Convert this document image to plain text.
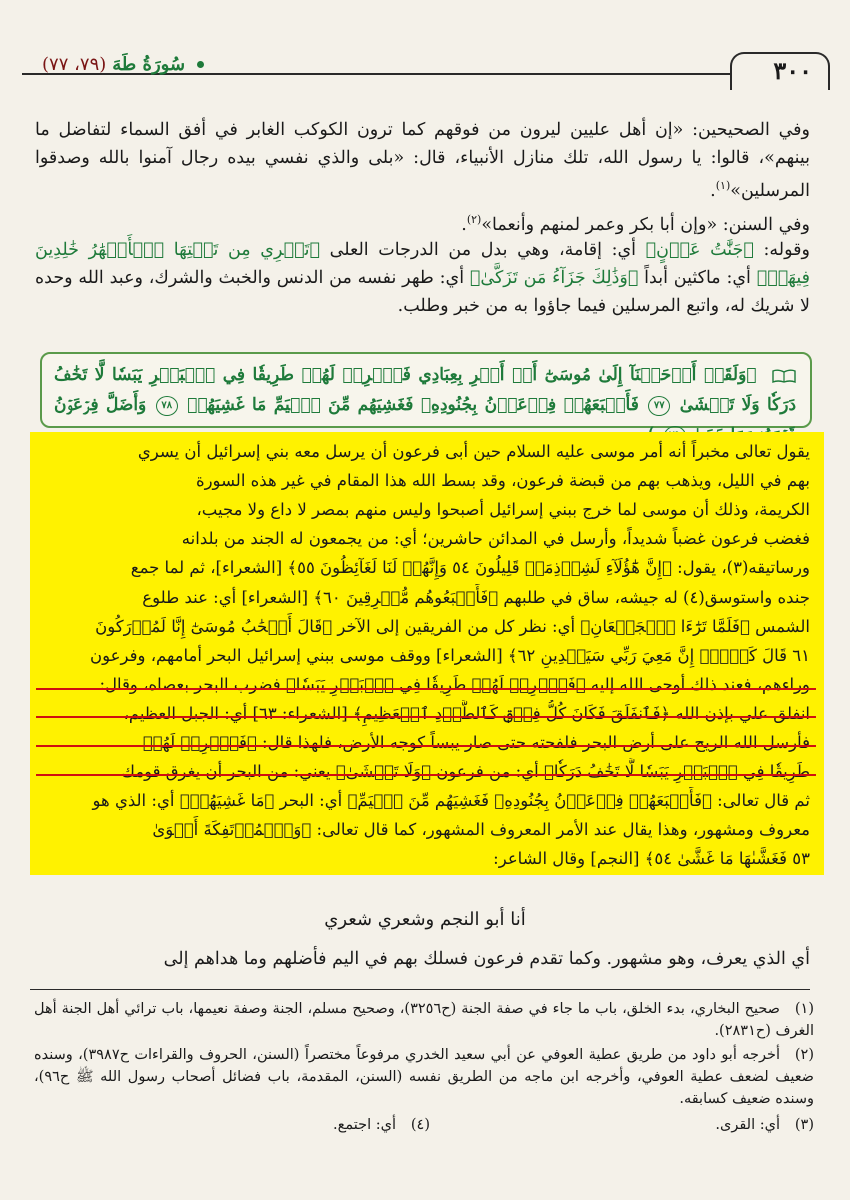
٣٠٠
سُورَةُ طَهَ
(٧٩، ٧٧)
وفي الصحيحين: «إن أهل عليين ليرون من فوقهم كما ترون الكوكب الغابر في أفق السماء لتفاضل ما بينهم»، قالوا: يا رسول الله، تلك منازل الأنبياء، قال: «بلى والذي نفسي بيده رجال آمنوا بالله وصدقوا المرسلين»$^{(١)}$.
وفي السنن: «وإن أبا بكر وعمر لمنهم وأنعما»$^{(٢)}$.
وقوله: ﴿جَنَّٰتُ عَدۡنٍ﴾ أي: إقامة، وهي بدل من الدرجات العلى ﴿تَجۡرِي مِن تَحۡتِهَا ٱلۡأَنۡهَٰرُ خَٰلِدِينَ فِيهَاۚ﴾ أي: ماكثين أبداً ﴿وَذَٰلِكَ جَزَآءُ مَن تَزَكَّىٰ﴾ أي: طهر نفسه من الدنس والخبث والشرك، وعبد الله وحده لا شريك له، واتبع المرسلين فيما جاؤوا به من خبر وطلب.
﴿وَلَقَدۡ أَوۡحَيۡنَآ إِلَىٰ مُوسَىٰٓ أَنۡ أَسۡرِ بِعِبَادِي فَٱضۡرِبۡ لَهُمۡ طَرِيقٗا فِي ٱلۡبَحۡرِ يَبَسٗا لَّا تَخَٰفُ دَرَكٗا وَلَا تَخۡشَىٰ ٧٧ فَأَتۡبَعَهُمۡ فِرۡعَوۡنُ بِجُنُودِهِۦ فَغَشِيَهُم مِّنَ ٱلۡيَمِّ مَا غَشِيَهُمۡ ٧٨ وَأَضَلَّ فِرۡعَوۡنُ
يقول تعالى مخبراً أنه أمر موسى عليه السلام حين أبى فرعون أن يرسل معه بني إسرائيل أن يسري
بهم في الليل، ويذهب بهم من قبضة فرعون، وقد بسط الله هذا المقام في غير هذه السورة
الكريمة، وذلك أن موسى لما خرج ببني إسرائيل أصبحوا وليس منهم بمصر لا داع ولا مجيب،
فغضب فرعون غضباً شديداً، وأرسل في المدائن حاشرين؛ أي: من يجمعون له الجند من بلدانه
ورساتيقه(٣)، يقول: ﴿إِنَّ هَٰٓؤُلَآءِ لَشِرۡذِمَةٞ قَلِيلُونَ ٥٤ وَإِنَّهُمۡ لَنَا لَغَآئِظُونَ ٥٥﴾ [الشعراء]، ثم لما جمع
جنده واستوسق(٤) له جيشه، ساق في طلبهم ﴿فَأَتۡبَعُوهُم مُّشۡرِقِينَ ٦٠﴾ [الشعراء] أي: عند طلوع
الشمس ﴿فَلَمَّا تَرَٰٓءَا ٱلۡجَمۡعَانِ﴾ أي: نظر كل من الفريقين إلى الآخر ﴿قَالَ أَصۡحَٰبُ مُوسَىٰٓ إِنَّا لَمُدۡرَكُونَ
٦١ قَالَ كَلَّآۖ إِنَّ مَعِيَ رَبِّي سَيَهۡدِينِ ٦٢﴾ [الشعراء] ووقف موسى ببني إسرائيل البحر أمامهم، وفرعون
وراءهم، فعند ذلك أوحى الله إليه ﴿فَٱضۡرِبۡ لَهُمۡ طَرِيقٗا فِي ٱلۡبَحۡرِ يَبَسٗا﴾ فضرب البحر بعصاه، وقال:
انفلق علي بإذن الله ﴿فَٱنفَلَقَ فَكَانَ كُلُّ فِرۡقٖ كَٱلطَّوۡدِ ٱلۡعَظِيمِ﴾ [الشعراء: ٦٣] أي: الجبل العظيم،
فأرسل الله الريح على أرض البحر فلفحته حتى صار يبساً كوجه الأرض، فلهذا قال: ﴿فَٱضۡرِبۡ لَهُمۡ
طَرِيقٗا فِي ٱلۡبَحۡرِ يَبَسٗا لَّا تَخَٰفُ دَرَكٗا﴾ أي: من فرعون ﴿وَلَا تَخۡشَىٰ﴾ يعني: من البحر أن يغرق قومك
ثم قال تعالى: ﴿فَأَتۡبَعَهُمۡ فِرۡعَوۡنُ بِجُنُودِهِۦ فَغَشِيَهُم مِّنَ ٱلۡيَمِّ﴾ أي: البحر ﴿مَا غَشِيَهُمۡ﴾ أي: الذي هو
معروف ومشهور، وهذا يقال عند الأمر المعروف المشهور، كما قال تعالى: ﴿وَٱلۡمُؤۡتَفِكَةَ أَهۡوَىٰ
٥٣ فَغَشَّىٰهَا مَا غَشَّىٰ ٥٤﴾ [النجم] وقال الشاعر:
أنا أبو النجم وشعري شعري
أي الذي يعرف، وهو مشهور. وكما تقدم فرعون فسلك بهم في اليم فأضلهم وما هداهم إلى
(١)صحيح البخاري، بدء الخلق، باب ما جاء في صفة الجنة (ح٣٢٥٦)، وصحيح مسلم، الجنة وصفة نعيمها، باب ترائي أهل الجنة أهل الغرف (ح٢٨٣١).
(٢)أخرجه أبو داود من طريق عطية العوفي عن أبي سعيد الخدري مرفوعاً مختصراً (السنن، الحروف والقراءات ح٣٩٨٧)، وسنده ضعيف لضعف عطية العوفي، وأخرجه ابن ماجه من الطريق نفسه (السنن، المقدمة، باب فضائل أصحاب رسول الله ﷺ ح٩٦)، وسنده ضعيف كسابقه.
(٣)أي: القرى.
(٤)أي: اجتمع.
